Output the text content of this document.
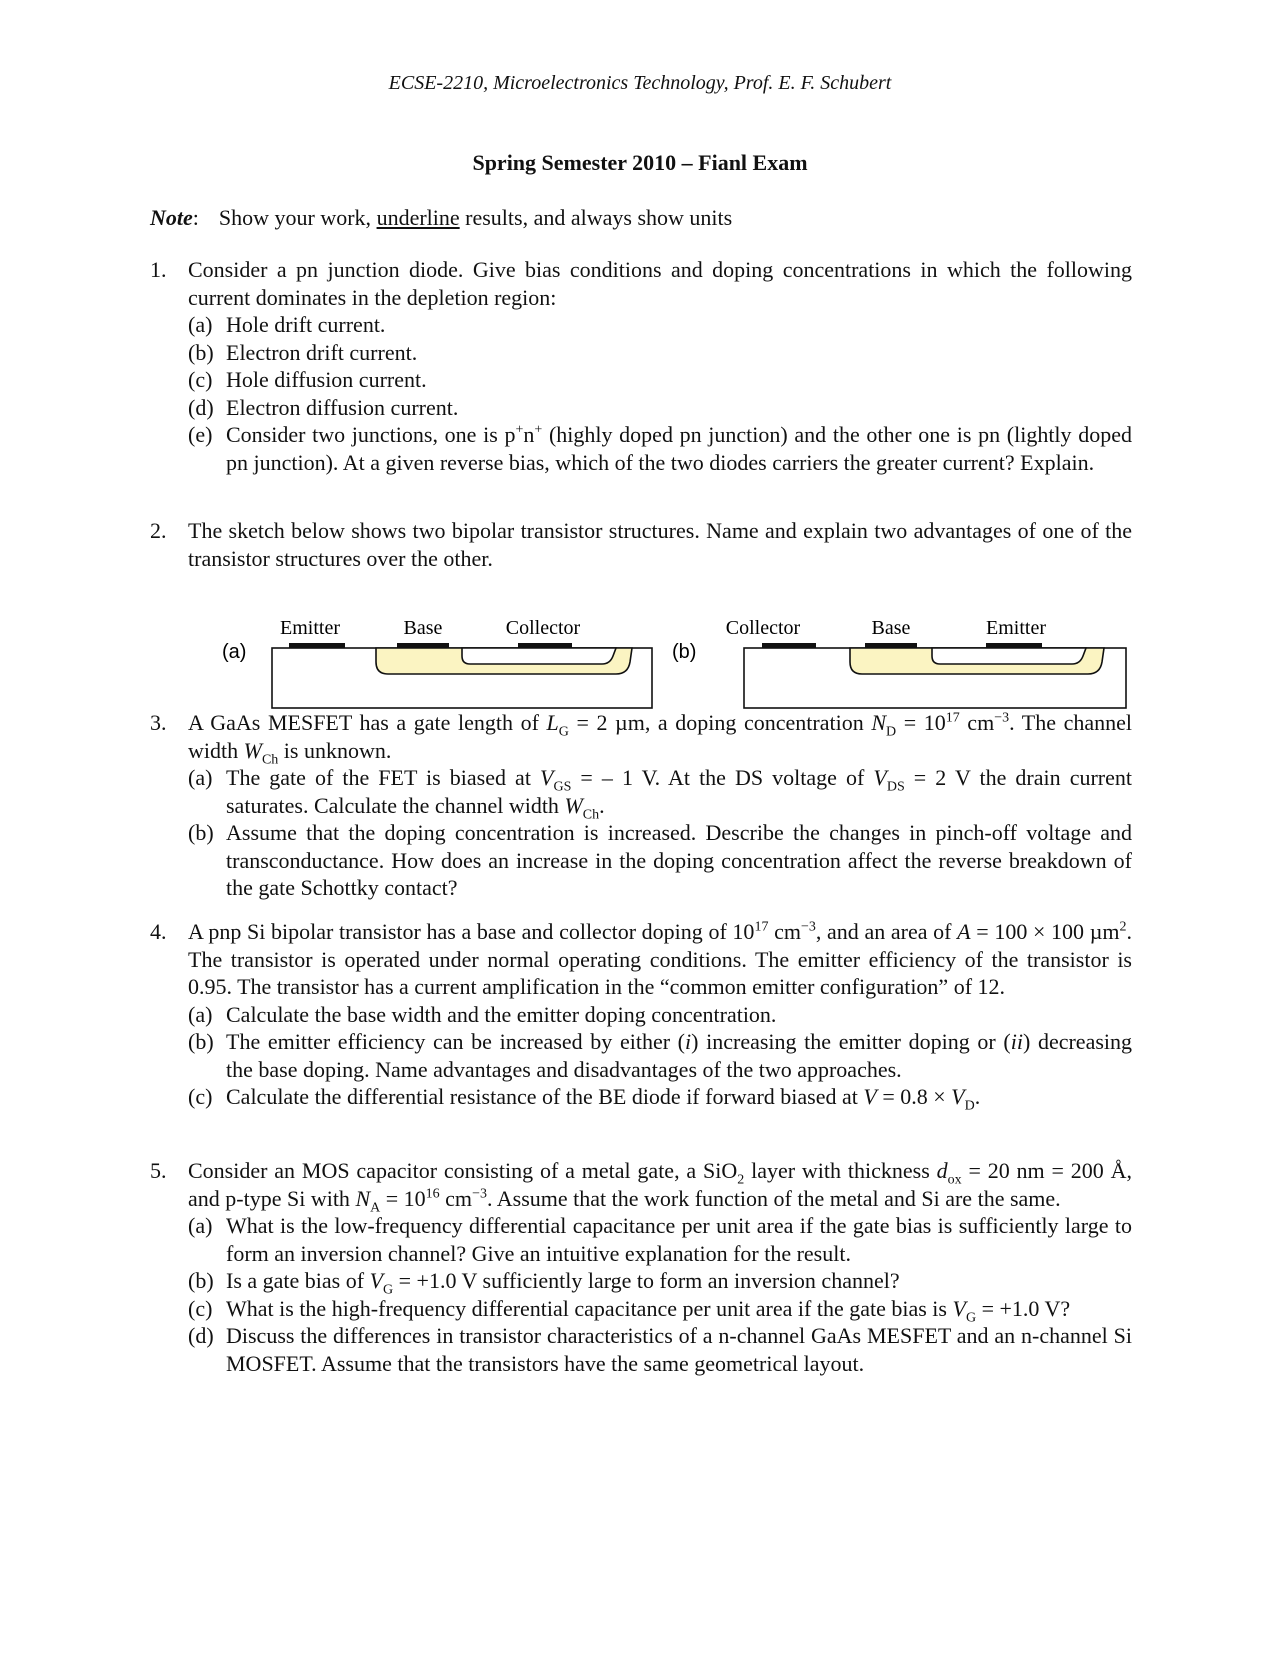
ECSE-2210, Microelectronics Technology, Prof. E. F. Schubert
Spring Semester 2010 – Fianl Exam
Note: Show your work, underline results, and always show units
1. Consider a pn junction diode. Give bias conditions and doping concentrations in which the following current dominates in the depletion region:
(a) Hole drift current.
(b) Electron drift current.
(c) Hole diffusion current.
(d) Electron diffusion current.
(e) Consider two junctions, one is p+n+ (highly doped pn junction) and the other one is pn (lightly doped pn junction). At a given reverse bias, which of the two diodes carriers the greater current? Explain.
2. The sketch below shows two bipolar transistor structures. Name and explain two advantages of one of the transistor structures over the other.
(a)
Emitter	Base	Collector
(b)
Collector	Base	Emitter
3. A GaAs MESFET has a gate length of $L_G = 2$ µm, a doping concentration $N_D = 10^{17}$ $cm^{-3}$. The channel width $W_{Ch}$ is unknown.
(a) The gate of the FET is biased at $V_{GS}$ = – 1 V. At the DS voltage of $V_{DS} = 2$ V the drain current saturates. Calculate the channel width $W_{Ch}$.
(b) Assume that the doping concentration is increased. Describe the changes in pinch-off voltage and transconductance. How does an increase in the doping concentration affect the reverse breakdown of the gate Schottky contact?
4. A pnp Si bipolar transistor has a base and collector doping of $10^{17}$ $cm^{-3}$, and an area of A = 100 × 100 µm$^2$. The transistor is operated under normal operating conditions. The emitter efficiency of the transistor is 0.95. The transistor has a current amplification in the “common emitter configuration” of 12.
(a) Calculate the base width and the emitter doping concentration.
(b) The emitter efficiency can be increased by either (i) increasing the emitter doping or (ii) decreasing the base doping. Name advantages and disadvantages of the two approaches.
(c) Calculate the differential resistance of the BE diode if forward biased at $V = 0.8 \times V_D$.
5. Consider an MOS capacitor consisting of a metal gate, a SiO$_2$ layer with thickness $d_{ox} = 20$ nm = 200 Å, and p-type Si with $N_A = 10^{16}$ $cm^{-3}$. Assume that the work function of the metal and Si are the same.
(a) What is the low-frequency differential capacitance per unit area if the gate bias is sufficiently large to form an inversion channel? Give an intuitive explanation for the result.
(b) Is a gate bias of $V_G = +1.0$ V sufficiently large to form an inversion channel?
(c) What is the high-frequency differential capacitance per unit area if the gate bias is $V_G = +1.0$ V?
(d) Discuss the differences in transistor characteristics of a n-channel GaAs MESFET and an n-channel Si MOSFET. Assume that the transistors have the same geometrical layout.
